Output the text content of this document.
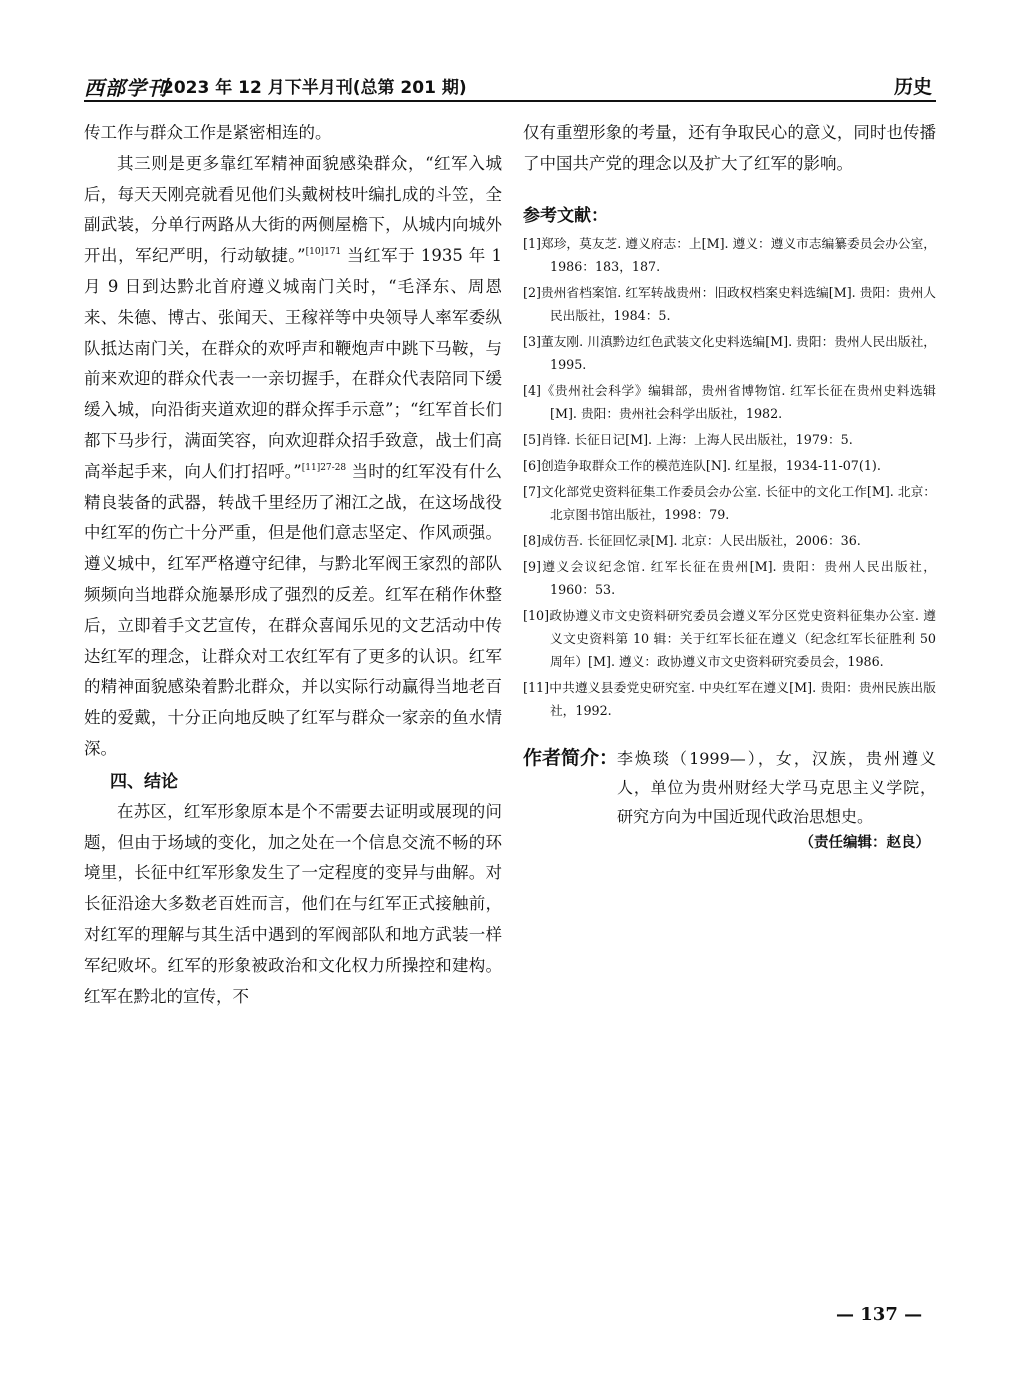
西部学刊
2023 年 12 月下半月刊(总第 201 期)	历史

传工作与群众工作是紧密相连的。

其三则是更多靠红军精神面貌感染群众，“红军入城后，每天天刚亮就看见他们头戴树枝叶编扎成的斗笠，全副武装，分单行两路从大街的两侧屋檐下，从城内向城外开出，军纪严明，行动敏捷。”$^{[10]171}$ 当红军于 1935 年 1 月 9 日到达黔北首府遵义城南门关时，“毛泽东、周恩来、朱德、博古、张闻天、王稼祥等中央领导人率军委纵队抵达南门关，在群众的欢呼声和鞭炮声中跳下马鞍，与前来欢迎的群众代表一一亲切握手，在群众代表陪同下缓缓入城，向沿街夹道欢迎的群众挥手示意”；“红军首长们都下马步行，满面笑容，向欢迎群众招手致意，战士们高高举起手来，向人们打招呼。”$^{[11]27-28}$ 当时的红军没有什么精良装备的武器，转战千里经历了湘江之战，在这场战役中红军的伤亡十分严重，但是他们意志坚定、作风顽强。遵义城中，红军严格遵守纪律，与黔北军阀王家烈的部队频频向当地群众施暴形成了强烈的反差。红军在稍作休整后，立即着手文艺宣传，在群众喜闻乐见的文艺活动中传达红军的理念，让群众对工农红军有了更多的认识。红军的精神面貌感染着黔北群众，并以实际行动赢得当地老百姓的爱戴，十分正向地反映了红军与群众一家亲的鱼水情深。

四、结论

在苏区，红军形象原本是个不需要去证明或展现的问题，但由于场域的变化，加之处在一个信息交流不畅的环境里，长征中红军形象发生了一定程度的变异与曲解。对长征沿途大多数老百姓而言，他们在与红军正式接触前，对红军的理解与其生活中遇到的军阀部队和地方武装一样军纪败坏。红军的形象被政治和文化权力所操控和建构。红军在黔北的宣传，不

仅有重塑形象的考量，还有争取民心的意义，同时也传播了中国共产党的理念以及扩大了红军的影响。

参考文献：
[1]郑珍，莫友芝. 遵义府志：上[M]. 遵义：遵义市志编纂委员会办公室，1986：183，187.
[2]贵州省档案馆. 红军转战贵州：旧政权档案史料选编[M]. 贵阳：贵州人民出版社，1984：5.
[3]董友刚. 川滇黔边红色武装文化史料选编[M]. 贵阳：贵州人民出版社，1995.
[4]《贵州社会科学》编辑部，贵州省博物馆. 红军长征在贵州史料选辑[M]. 贵阳：贵州社会科学出版社，1982.
[5]肖锋. 长征日记[M]. 上海：上海人民出版社，1979：5.
[6]创造争取群众工作的模范连队[N]. 红星报，1934-11-07(1).
[7]文化部党史资料征集工作委员会办公室. 长征中的文化工作[M]. 北京：北京图书馆出版社，1998：79.
[8]成仿吾. 长征回忆录[M]. 北京：人民出版社，2006：36.
[9]遵义会议纪念馆. 红军长征在贵州[M]. 贵阳：贵州人民出版社，1960：53.
[10]政协遵义市文史资料研究委员会遵义军分区党史资料征集办公室. 遵义文史资料第 10 辑：关于红军长征在遵义（纪念红军长征胜利 50 周年）[M]. 遵义：政协遵义市文史资料研究委员会，1986.
[11]中共遵义县委党史研究室. 中央红军在遵义[M]. 贵阳：贵州民族出版社，1992.
作者简介：
李焕琰（1999—），女，汉族，贵州遵义人，单位为贵州财经大学马克思主义学院，研究方向为中国近现代政治思想史。
（责任编辑：赵良）
— 137 —
